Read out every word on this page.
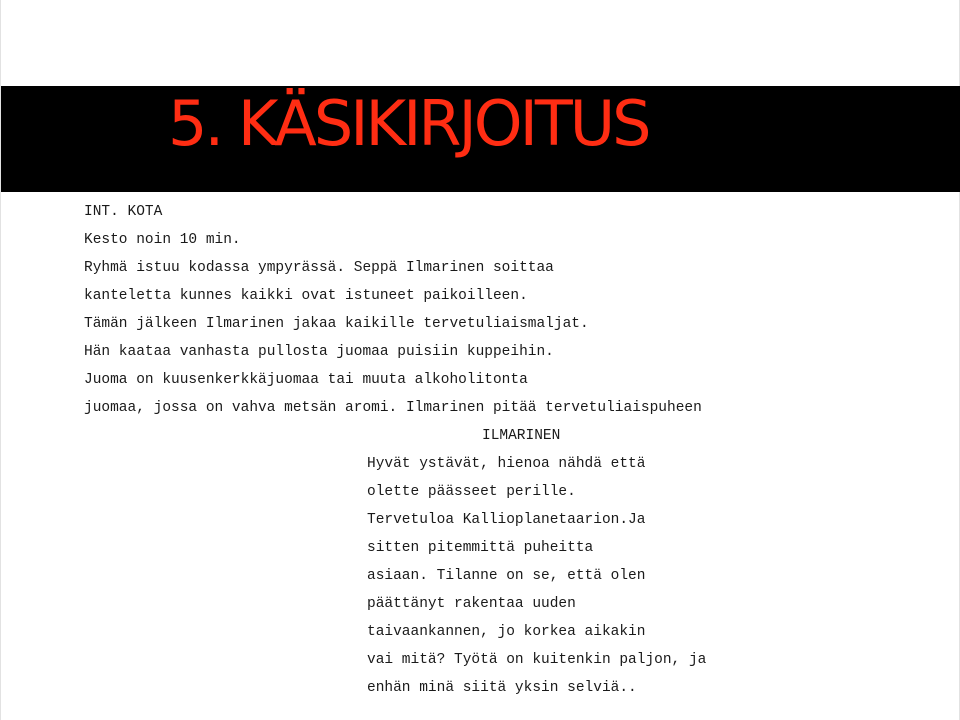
5. KÄSIKIRJOITUS
INT. KOTA
Kesto noin 10 min.
Ryhmä istuu kodassa ympyrässä. Seppä Ilmarinen soittaa
kanteletta kunnes kaikki ovat istuneet paikoilleen.
Tämän jälkeen Ilmarinen jakaa kaikille tervetuliaismaljat.
Hän kaataa vanhasta pullosta juomaa puisiin kuppeihin.
Juoma on kuusenkerkkäjuomaa tai muuta alkoholitonta
juomaa, jossa on vahva metsän aromi. Ilmarinen pitää tervetuliaispuheen
ILMARINEN
Hyvät ystävät, hienoa nähdä että
olette päässeet perille.
Tervetuloa Kallioplanetaarion.Ja
sitten pitemmittä puheitta
asiaan. Tilanne on se, että olen
päättänyt rakentaa uuden
taivaankannen, jo korkea aikakin
vai mitä? Työtä on kuitenkin paljon, ja
enhän minä siitä yksin selviä..
